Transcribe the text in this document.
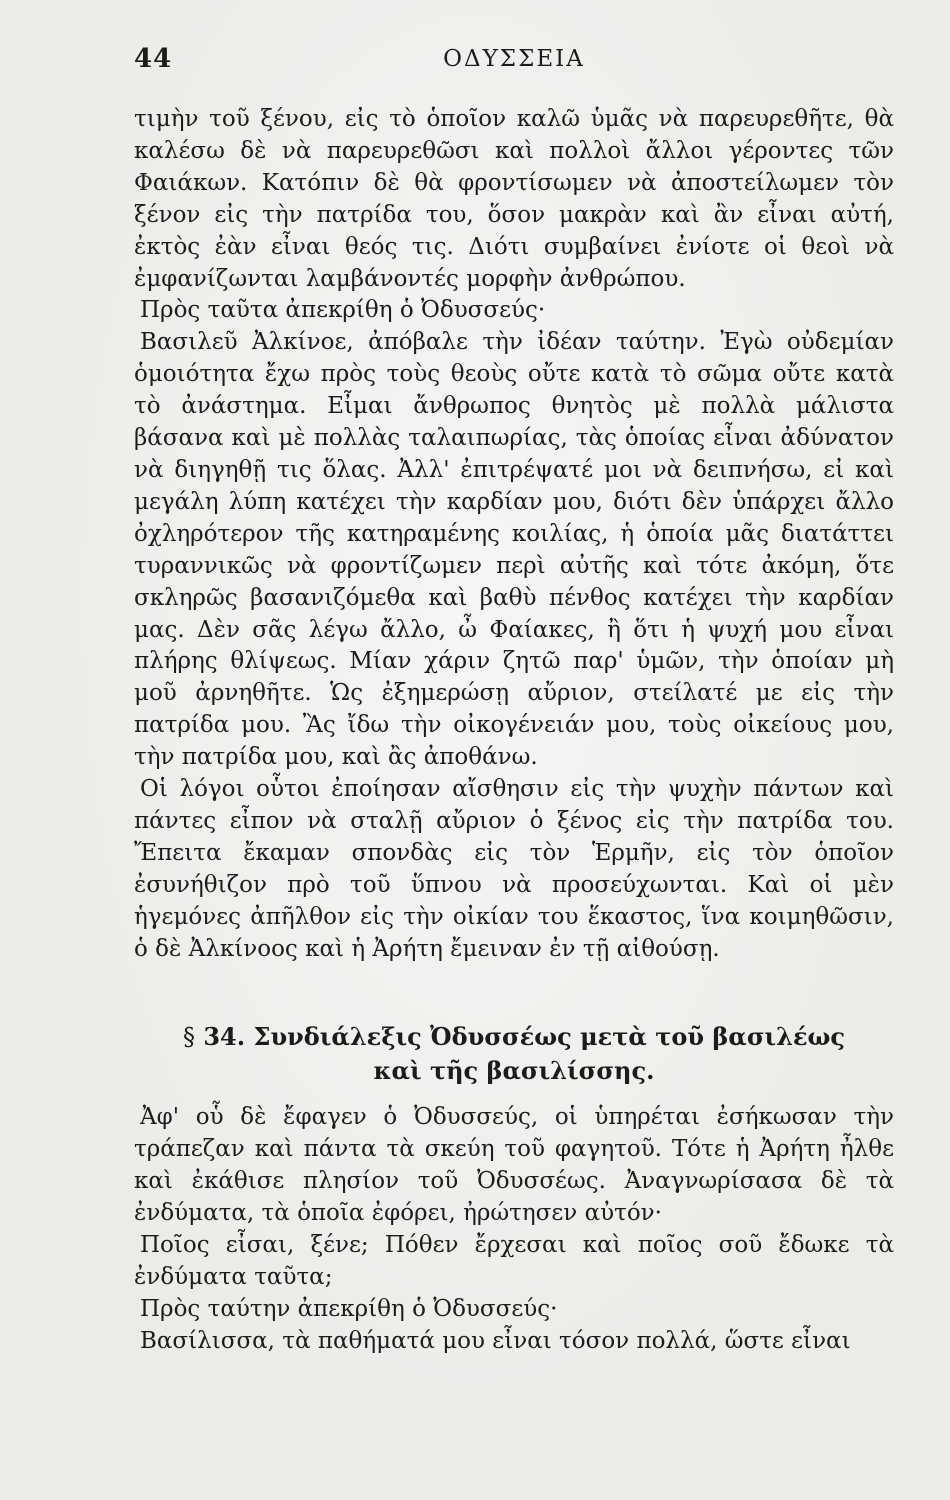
44	ΟΔΥΣΣΕΙΑ

τιμὴν τοῦ ξένου, εἰς τὸ ὁποῖον καλῶ ὑμᾶς νὰ παρευρεθῆτε, θὰ καλέσω δὲ νὰ παρευρεθῶσι καὶ πολλοὶ ἄλλοι γέροντες τῶν Φαιάκων. Κατόπιν δὲ θὰ φροντίσωμεν νὰ ἀποστείλωμεν τὸν ξένον εἰς τὴν πατρίδα του, ὅσον μακρὰν καὶ ἂν εἶναι αὐτή, ἐκτὸς ἐὰν εἶναι θεός τις. Διότι συμβαίνει ἐνίοτε οἱ θεοὶ νὰ ἐμφανίζωνται λαμβάνοντές μορφὴν ἀνθρώπου.

Πρὸς ταῦτα ἀπεκρίθη ὁ Ὀδυσσεύς·

Βασιλεῦ Ἀλκίνοε, ἀπόβαλε τὴν ἰδέαν ταύτην. Ἐγὼ οὐδεμίαν ὁμοιότητα ἔχω πρὸς τοὺς θεοὺς οὔτε κατὰ τὸ σῶμα οὔτε κατὰ τὸ ἀνάστημα. Εἶμαι ἄνθρωπος θνητὸς μὲ πολλὰ μάλιστα βάσανα καὶ μὲ πολλὰς ταλαιπωρίας, τὰς ὁποίας εἶναι ἀδύνατον νὰ διηγηθῇ τις ὅλας. Ἀλλ' ἐπιτρέψατέ μοι νὰ δειπνήσω, εἰ καὶ μεγάλη λύπη κατέχει τὴν καρδίαν μου, διότι δὲν ὑπάρχει ἄλλο ὀχληρότερον τῆς κατηραμένης κοιλίας, ἡ ὁποία μᾶς διατάττει τυραννικῶς νὰ φροντίζωμεν περὶ αὐτῆς καὶ τότε ἀκόμη, ὅτε σκληρῶς βασανιζόμεθα καὶ βαθὺ πένθος κατέχει τὴν καρδίαν μας. Δὲν σᾶς λέγω ἄλλο, ὦ Φαίακες, ἢ ὅτι ἡ ψυχή μου εἶναι πλήρης θλίψεως. Μίαν χάριν ζητῶ παρ' ὑμῶν, τὴν ὁποίαν μὴ μοῦ ἀρνηθῆτε. Ὡς ἐξημερώσῃ αὔριον, στείλατέ με εἰς τὴν πατρίδα μου. Ἂς ἴδω τὴν οἰκογένειάν μου, τοὺς οἰκείους μου, τὴν πατρίδα μου, καὶ ἂς ἀποθάνω.

Οἱ λόγοι οὗτοι ἐποίησαν αἴσθησιν εἰς τὴν ψυχὴν πάντων καὶ πάντες εἶπον νὰ σταλῇ αὔριον ὁ ξένος εἰς τὴν πατρίδα του. Ἔπειτα ἔκαμαν σπονδὰς εἰς τὸν Ἑρμῆν, εἰς τὸν ὁποῖον ἐσυνήθιζον πρὸ τοῦ ὕπνου νὰ προσεύχωνται. Καὶ οἱ μὲν ἡγεμόνες ἀπῆλθον εἰς τὴν οἰκίαν του ἕκαστος, ἵνα κοιμηθῶσιν, ὁ δὲ Ἀλκίνοος καὶ ἡ Ἀρήτη ἔμειναν ἐν τῇ αἰθούσῃ.

§ 34. Συνδιάλεξις Ὀδυσσέως μετὰ τοῦ βασιλέως
καὶ τῆς βασιλίσσης.

Ἀφ' οὗ δὲ ἔφαγεν ὁ Ὀδυσσεύς, οἱ ὑπηρέται ἐσήκωσαν τὴν τράπεζαν καὶ πάντα τὰ σκεύη τοῦ φαγητοῦ. Τότε ἡ Ἀρήτη ἦλθε καὶ ἐκάθισε πλησίον τοῦ Ὀδυσσέως. Ἀναγνωρίσασα δὲ τὰ ἐνδύματα, τὰ ὁποῖα ἐφόρει, ἠρώτησεν αὐτόν·

Ποῖος εἶσαι, ξένε; Πόθεν ἔρχεσαι καὶ ποῖος σοῦ ἔδωκε τὰ ἐνδύματα ταῦτα;

Πρὸς ταύτην ἀπεκρίθη ὁ Ὀδυσσεύς·

Βασίλισσα, τὰ παθήματά μου εἶναι τόσον πολλά, ὥστε εἶναι
